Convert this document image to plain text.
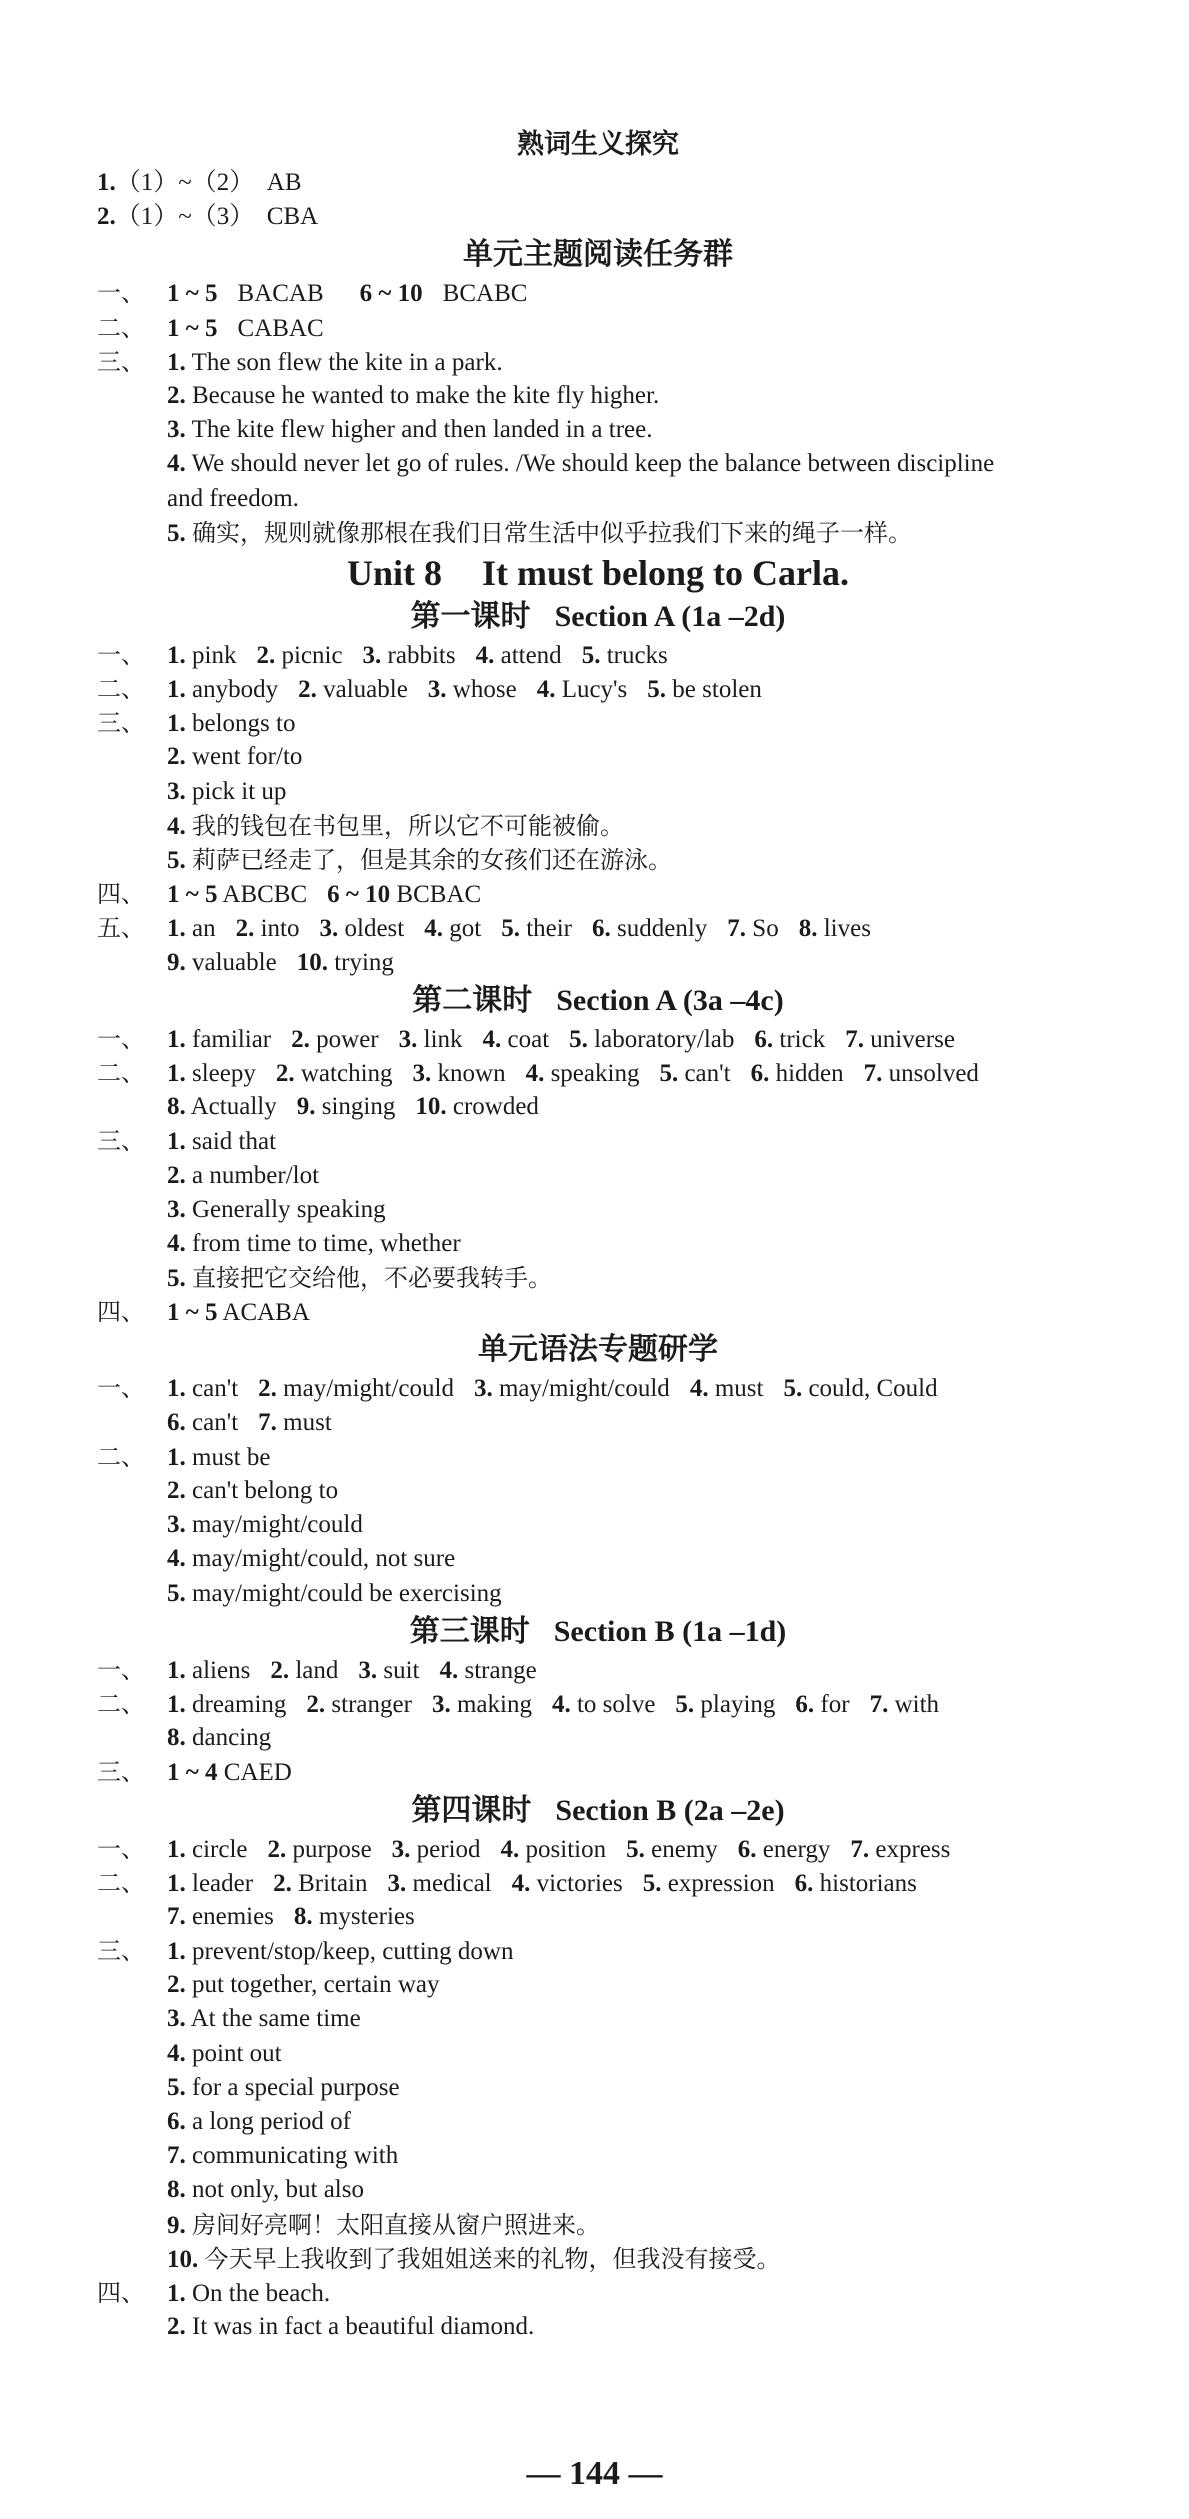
熟词生义探究
1.（1）~（2）　AB
2.（1）~（3）　CBA
单元主题阅读任务群
一、 1 ~ 5 BACAB 6 ~ 10 BCABC
二、 1 ~ 5 CABAC
三、 1. The son flew the kite in a park.
2. Because he wanted to make the kite fly higher.
3. The kite flew higher and then landed in a tree.
4. We should never let go of rules. /We should keep the balance between discipline
and freedom.
5. 确实，规则就像那根在我们日常生活中似乎拉我们下来的绳子一样。
Unit 8 It must belong to Carla.
第一课时 Section A (1a –2d)
一、 1. pink 2. picnic 3. rabbits 4. attend 5. trucks
二、 1. anybody 2. valuable 3. whose 4. Lucy's 5. be stolen
三、 1. belongs to
2. went for/to
3. pick it up
4. 我的钱包在书包里，所以它不可能被偷。
5. 莉萨已经走了，但是其余的女孩们还在游泳。
四、 1 ~ 5 ABCBC 6 ~ 10 BCBAC
五、 1. an 2. into 3. oldest 4. got 5. their 6. suddenly 7. So 8. lives
9. valuable 10. trying
第二课时 Section A (3a –4c)
一、 1. familiar 2. power 3. link 4. coat 5. laboratory/lab 6. trick 7. universe
二、 1. sleepy 2. watching 3. known 4. speaking 5. can't 6. hidden 7. unsolved
8. Actually 9. singing 10. crowded
三、 1. said that
2. a number/lot
3. Generally speaking
4. from time to time, whether
5. 直接把它交给他，不必要我转手。
四、 1 ~ 5 ACABA
单元语法专题研学
一、 1. can't 2. may/might/could 3. may/might/could 4. must 5. could, Could
6. can't 7. must
二、 1. must be
2. can't belong to
3. may/might/could
4. may/might/could, not sure
5. may/might/could be exercising
第三课时 Section B (1a –1d)
一、 1. aliens 2. land 3. suit 4. strange
二、 1. dreaming 2. stranger 3. making 4. to solve 5. playing 6. for 7. with
8. dancing
三、 1 ~ 4 CAED
第四课时 Section B (2a –2e)
一、 1. circle 2. purpose 3. period 4. position 5. enemy 6. energy 7. express
二、 1. leader 2. Britain 3. medical 4. victories 5. expression 6. historians
7. enemies 8. mysteries
三、 1. prevent/stop/keep, cutting down
2. put together, certain way
3. At the same time
4. point out
5. for a special purpose
6. a long period of
7. communicating with
8. not only, but also
9. 房间好亮啊！太阳直接从窗户照进来。
10. 今天早上我收到了我姐姐送来的礼物，但我没有接受。
四、 1. On the beach.
2. It was in fact a beautiful diamond.
— 144 —
